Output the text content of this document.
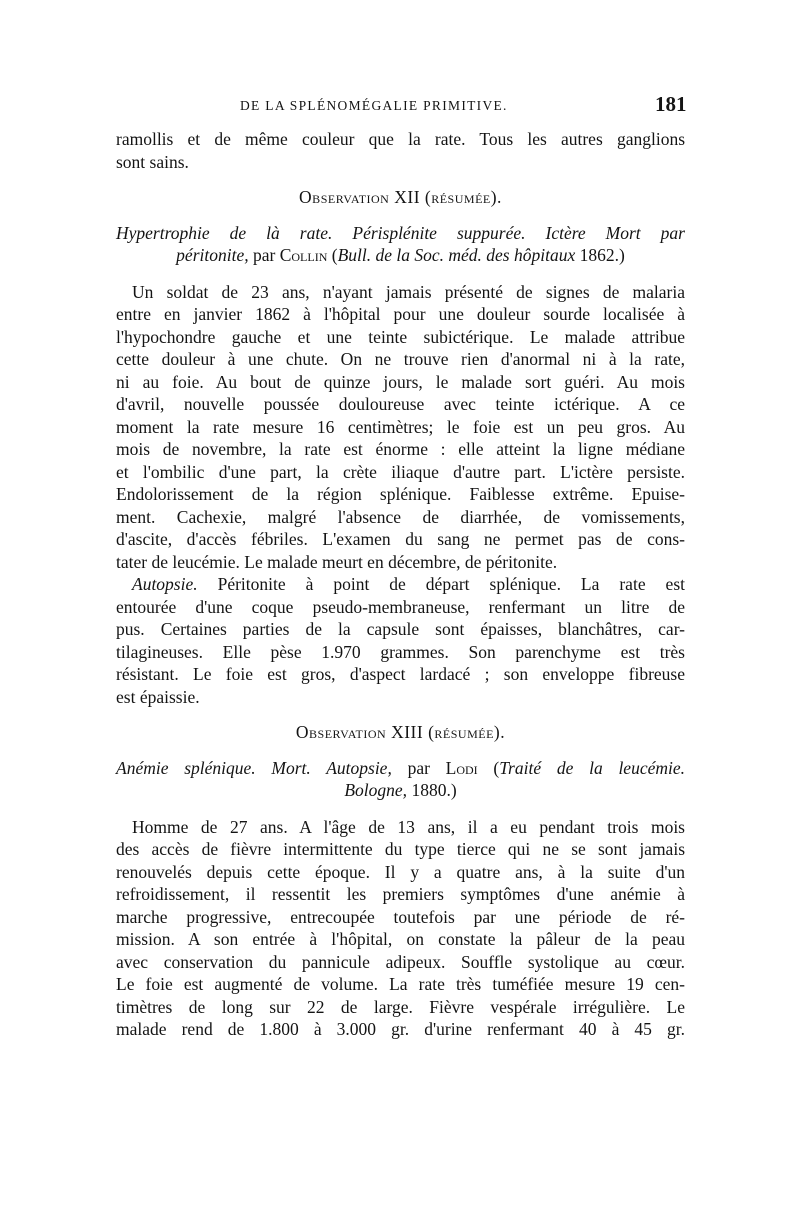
DE LA SPLÉNOMÉGALIE PRIMITIVE.	181
ramollis et de même couleur que la rate. Tous les autres ganglions
sont sains.
Observation XII (résumée).
Hypertrophie de là rate. Périsplénite suppurée. Ictère Mort par
péritonite, par Collin (Bull. de la Soc. méd. des hôpitaux 1862.)
Un soldat de 23 ans, n'ayant jamais présenté de signes de malaria
entre en janvier 1862 à l'hôpital pour une douleur sourde localisée à
l'hypochondre gauche et une teinte subictérique. Le malade attribue
cette douleur à une chute. On ne trouve rien d'anormal ni à la rate,
ni au foie. Au bout de quinze jours, le malade sort guéri. Au mois
d'avril, nouvelle poussée douloureuse avec teinte ictérique. A ce
moment la rate mesure 16 centimètres; le foie est un peu gros. Au
mois de novembre, la rate est énorme : elle atteint la ligne médiane
et l'ombilic d'une part, la crète iliaque d'autre part. L'ictère persiste.
Endolorissement de la région splénique. Faiblesse extrême. Epuise-
ment. Cachexie, malgré l'absence de diarrhée, de vomissements,
d'ascite, d'accès fébriles. L'examen du sang ne permet pas de cons-
tater de leucémie. Le malade meurt en décembre, de péritonite.
Autopsie. Péritonite à point de départ splénique. La rate est
entourée d'une coque pseudo-membraneuse, renfermant un litre de
pus. Certaines parties de la capsule sont épaisses, blanchâtres, car-
tilagineuses. Elle pèse 1.970 grammes. Son parenchyme est très
résistant. Le foie est gros, d'aspect lardacé ; son enveloppe fibreuse
est épaissie.
Observation XIII (résumée).
Anémie splénique. Mort. Autopsie, par Lodi (Traité de la leucémie.
Bologne, 1880.)
Homme de 27 ans. A l'âge de 13 ans, il a eu pendant trois mois
des accès de fièvre intermittente du type tierce qui ne se sont jamais
renouvelés depuis cette époque. Il y a quatre ans, à la suite d'un
refroidissement, il ressentit les premiers symptômes d'une anémie à
marche progressive, entrecoupée toutefois par une période de ré-
mission. A son entrée à l'hôpital, on constate la pâleur de la peau
avec conservation du pannicule adipeux. Souffle systolique au cœur.
Le foie est augmenté de volume. La rate très tuméfiée mesure 19 cen-
timètres de long sur 22 de large. Fièvre vespérale irrégulière. Le
malade rend de 1.800 à 3.000 gr. d'urine renfermant 40 à 45 gr.
